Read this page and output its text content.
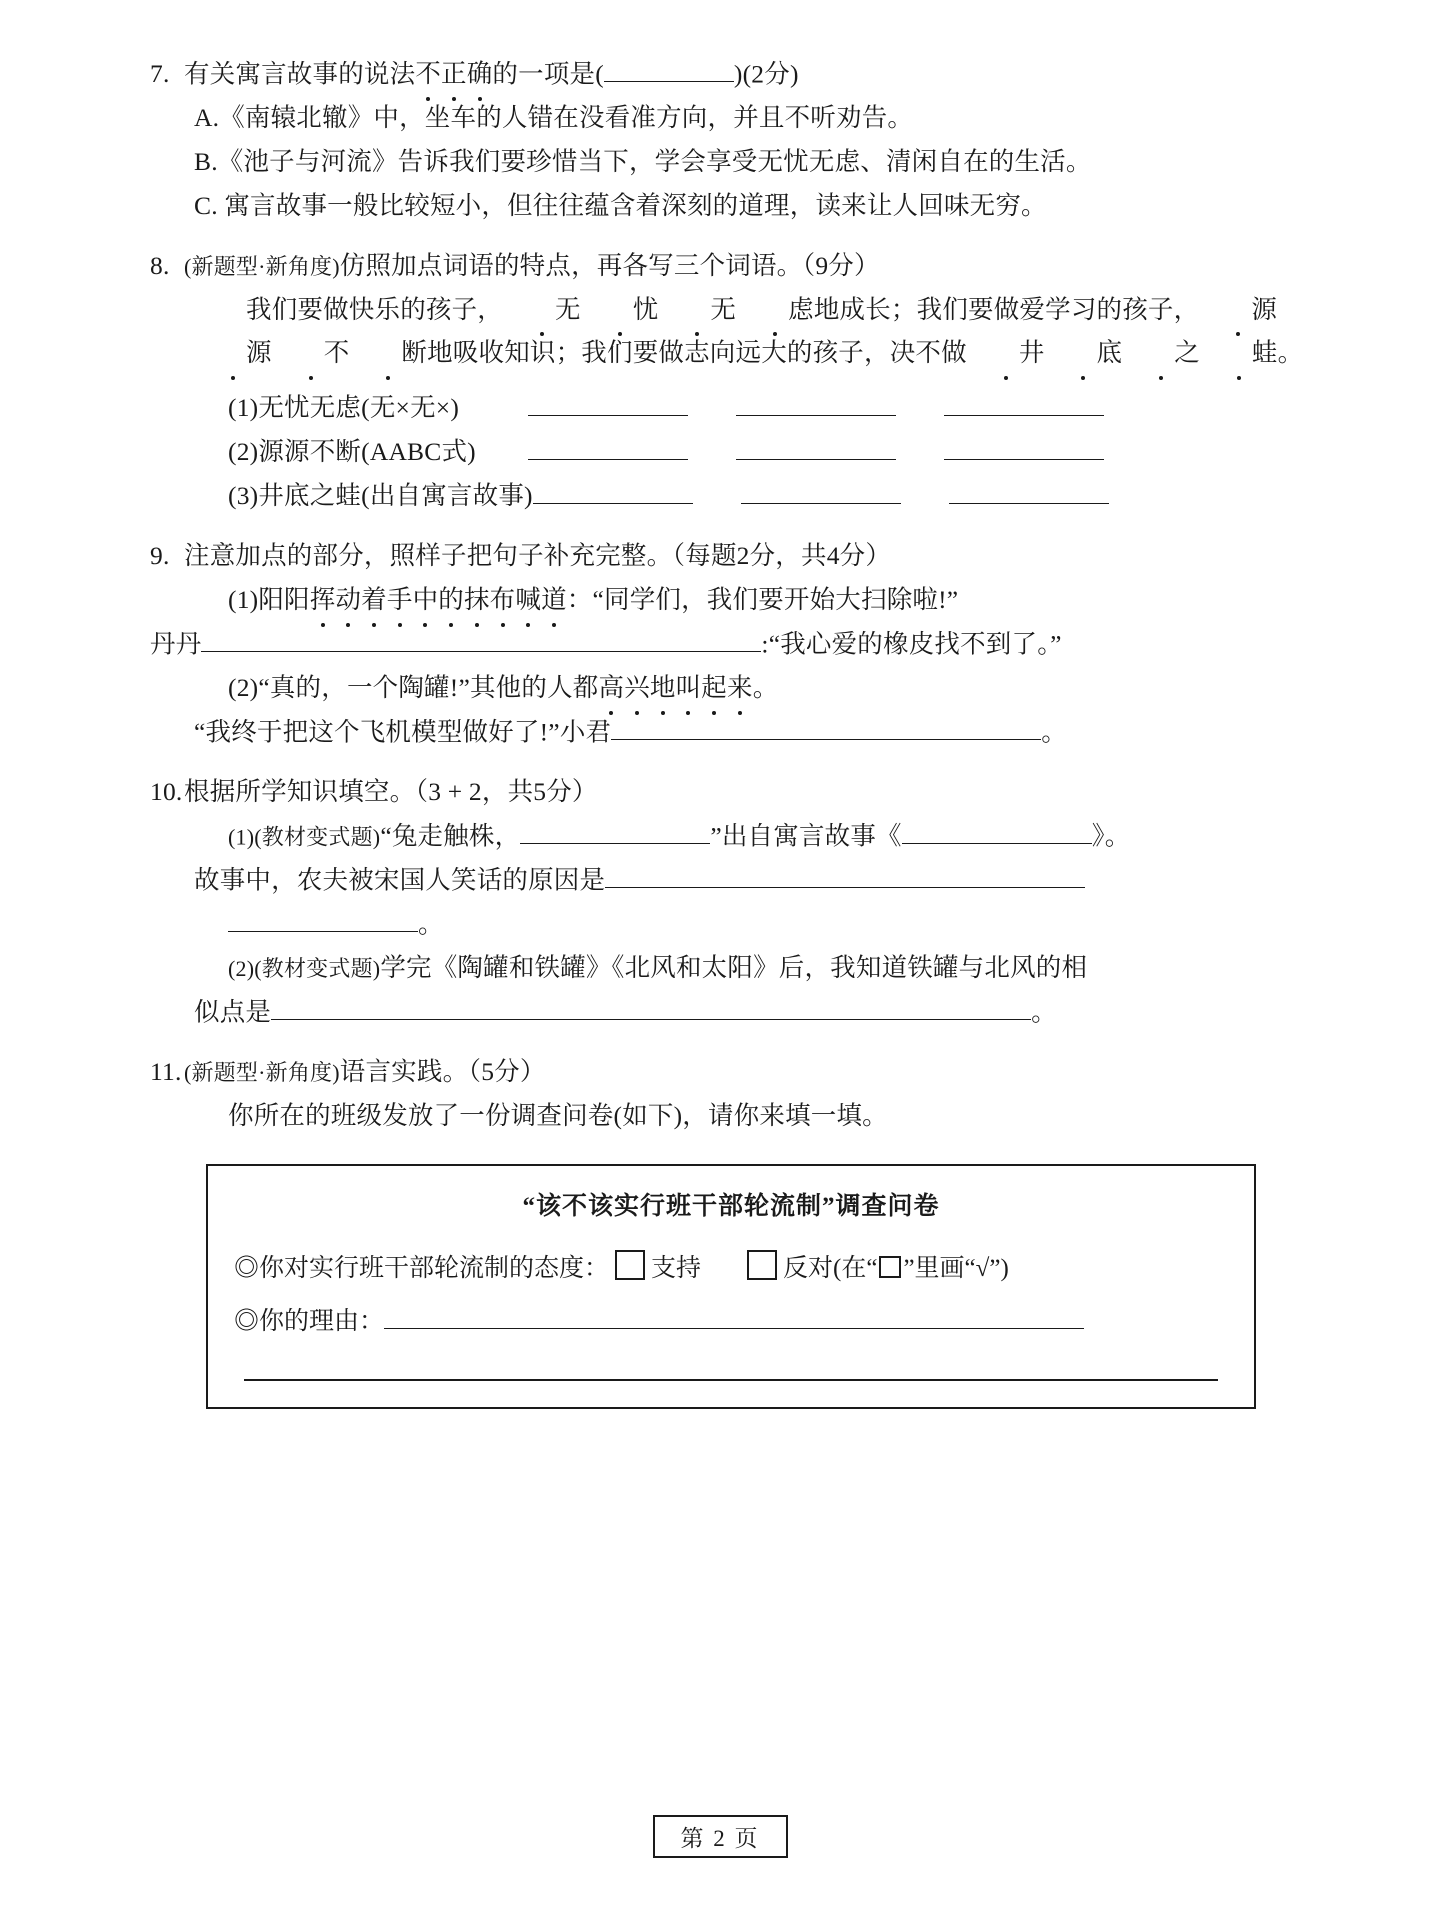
7. 有关寓言故事的说法不正确的一项是(	)(2分)
A.《南辕北辙》中，坐车的人错在没看准方向，并且不听劝告。
B.《池子与河流》告诉我们要珍惜当下，学会享受无忧无虑、清闲自在的生活。
C. 寓言故事一般比较短小，但往往蕴含着深刻的道理，读来让人回味无穷。
8. (新题型·新角度)仿照加点词语的特点，再各写三个词语。（9分）
我们要做快乐的孩子， 无 忧 无 虑地成长；我们要做爱学习的孩子， 源源 不 断地吸收知识；我们要做志向远大的孩子，决不做 井 底 之 蛙。
(1)无忧无虑(无×无×)
(2)源源不断(AABC式)
(3)井底之蛙(出自寓言故事)
9. 注意加点的部分，照样子把句子补充完整。（每题2分，共4分）
(1)阳阳挥动着手中的抹布喊道：“同学们，我们要开始大扫除啦!”
丹丹	:“我心爱的橡皮找不到了。”
(2)“真的，一个陶罐!”其他的人都高兴地叫起来。
“我终于把这个飞机模型做好了!”小君	。
10.根据所学知识填空。（3 + 2，共5分）
(1)(教材变式题)“兔走触株，	”出自寓言故事《	》。
故事中，农夫被宋国人笑话的原因是
。
(2)(教材变式题)学完《陶罐和铁罐》《北风和太阳》后，我知道铁罐与北风的相
似点是	。
11. (新题型·新角度)语言实践。（5分）
你所在的班级发放了一份调查问卷(如下)，请你来填一填。
“该不该实行班干部轮流制”调查问卷
◎你对实行班干部轮流制的态度： 支持	反对(在“ ”里画“√”)
◎你的理由：
第 2 页
